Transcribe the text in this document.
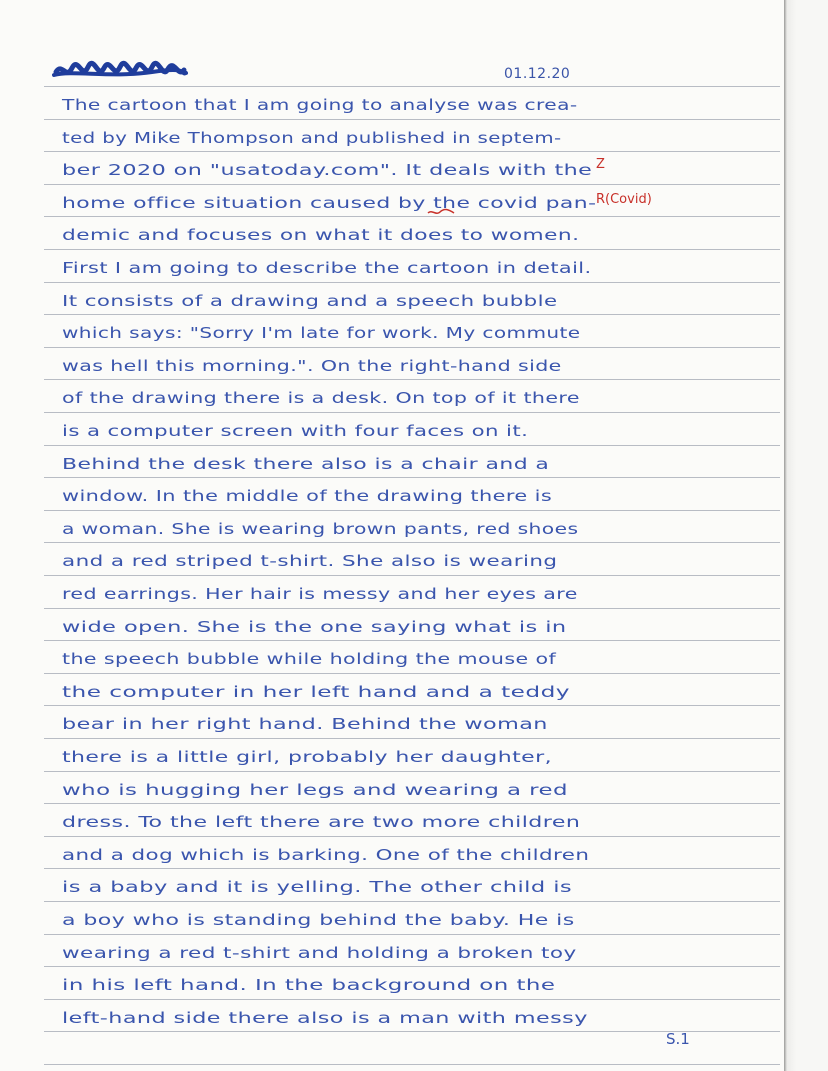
01.12.20
The cartoon that I am going to analyse was crea-
ted by Mike Thompson and published in septem-
ber 2020 on "usatoday.com". It deals with the
home office situation caused by the covid pan-
demic and focuses on what it does to women.
First I am going to describe the cartoon in detail.
It consists of a drawing and a speech bubble
which says: "Sorry I'm late for work. My commute
was hell this morning.". On the right-hand side
of the drawing there is a desk. On top of it there
is a computer screen with four faces on it.
Behind the desk there also is a chair and a
window. In the middle of the drawing there is
a woman. She is wearing brown pants, red shoes
and a red striped t-shirt. She also is wearing
red earrings. Her hair is messy and her eyes are
wide open. She is the one saying what is in
the speech bubble while holding the mouse of
the computer in her left hand and a teddy
bear in her right hand. Behind the woman
there is a little girl, probably her daughter,
who is hugging her legs and wearing a red
dress. To the left there are two more children
and a dog which is barking. One of the children
is a baby and it is yelling. The other child is
a boy who is standing behind the baby. He is
wearing a red t-shirt and holding a broken toy
in his left hand. In the background on the
left-hand side there also is a man with messy
Z
R(Covid)
S.1
